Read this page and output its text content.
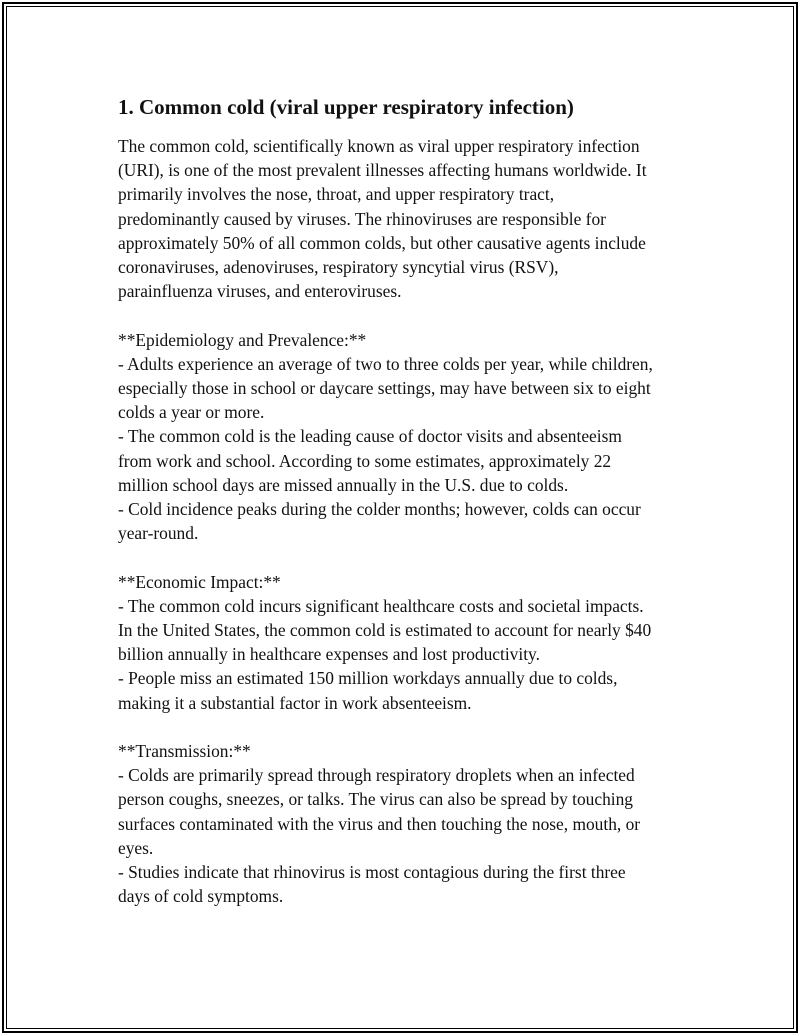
1. Common cold (viral upper respiratory infection)
The common cold, scientifically known as viral upper respiratory infection
(URI), is one of the most prevalent illnesses affecting humans worldwide. It
primarily involves the nose, throat, and upper respiratory tract,
predominantly caused by viruses. The rhinoviruses are responsible for
approximately 50% of all common colds, but other causative agents include
coronaviruses, adenoviruses, respiratory syncytial virus (RSV),
parainfluenza viruses, and enteroviruses.
**Epidemiology and Prevalence:**
- Adults experience an average of two to three colds per year, while children,
especially those in school or daycare settings, may have between six to eight
colds a year or more.
- The common cold is the leading cause of doctor visits and absenteeism
from work and school. According to some estimates, approximately 22
million school days are missed annually in the U.S. due to colds.
- Cold incidence peaks during the colder months; however, colds can occur
year-round.
**Economic Impact:**
- The common cold incurs significant healthcare costs and societal impacts.
In the United States, the common cold is estimated to account for nearly $40
billion annually in healthcare expenses and lost productivity.
- People miss an estimated 150 million workdays annually due to colds,
making it a substantial factor in work absenteeism.
**Transmission:**
- Colds are primarily spread through respiratory droplets when an infected
person coughs, sneezes, or talks. The virus can also be spread by touching
surfaces contaminated with the virus and then touching the nose, mouth, or
eyes.
- Studies indicate that rhinovirus is most contagious during the first three
days of cold symptoms.
